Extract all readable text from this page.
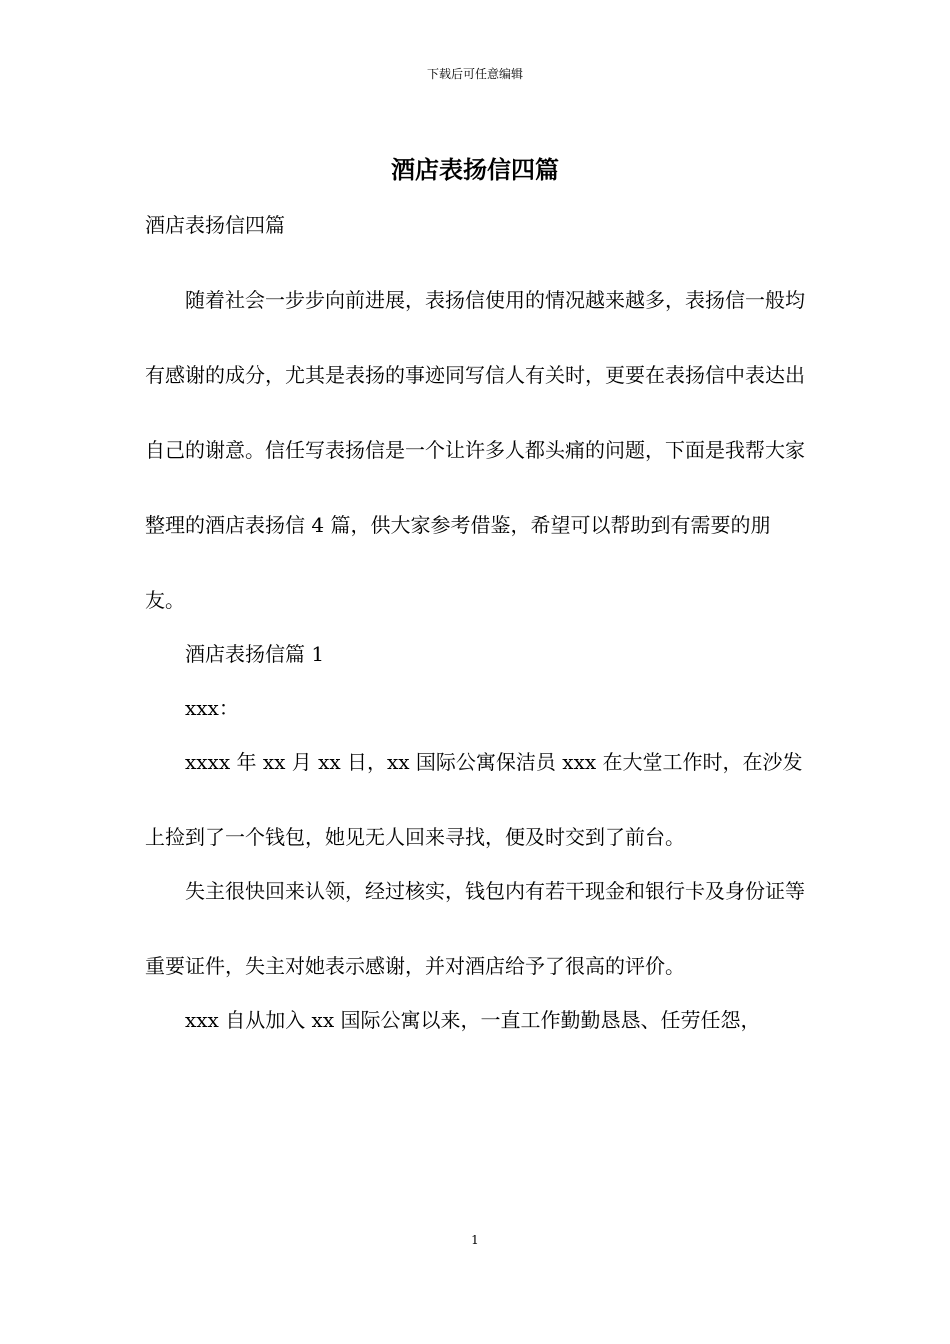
下载后可任意编辑
酒店表扬信四篇

酒店表扬信四篇

随着社会一步步向前进展，表扬信使用的情况越来越多，表扬信一般均有感谢的成分，尤其是表扬的事迹同写信人有关时，更要在表扬信中表达出自己的谢意。信任写表扬信是一个让许多人都头痛的问题，下面是我帮大家整理的酒店表扬信 4 篇，供大家参考借鉴，希望可以帮助到有需要的朋友。

酒店表扬信篇 1

xxx：

xxxx 年 xx 月 xx 日，xx 国际公寓保洁员 xxx 在大堂工作时，在沙发上捡到了一个钱包，她见无人回来寻找，便及时交到了前台。

失主很快回来认领，经过核实，钱包内有若干现金和银行卡及身份证等重要证件，失主对她表示感谢，并对酒店给予了很高的评价。

xxx 自从加入 xx 国际公寓以来，一直工作勤勤恳恳、任劳任怨，

1
